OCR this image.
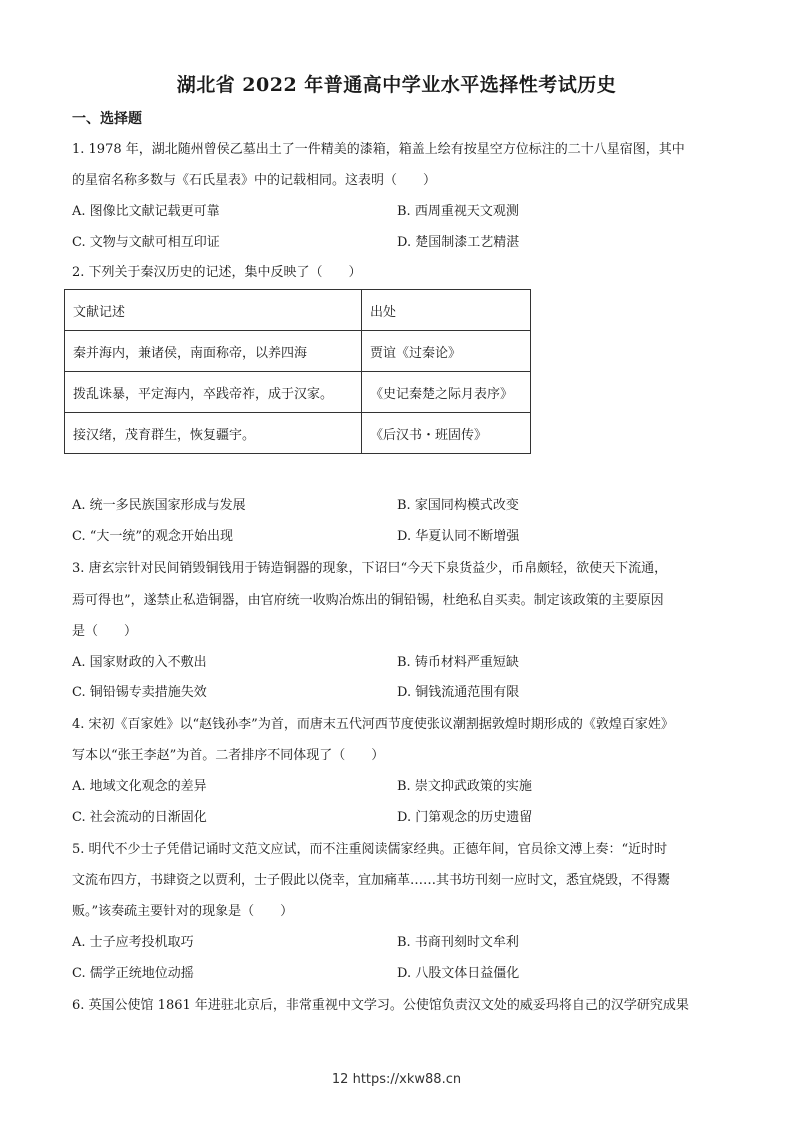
湖北省 2022 年普通高中学业水平选择性考试历史
一、选择题
1. 1978 年，湖北随州曾侯乙墓出土了一件精美的漆箱，箱盖上绘有按星空方位标注的二十八星宿图，其中
的星宿名称多数与《石氏星表》中的记载相同。这表明（　　）
A. 图像比文献记载更可靠	B. 西周重视天文观测
C. 文物与文献可相互印证	D. 楚国制漆工艺精湛
2. 下列关于秦汉历史的记述，集中反映了（　　）
文献记述	出处
秦并海内，兼诸侯，南面称帝，以养四海	贾谊《过秦论》
拨乱诛暴，平定海内，卒践帝祚，成于汉家。	《史记秦楚之际月表序》
接汉绪，茂育群生，恢复疆宇。	《后汉书・班固传》
A. 统一多民族国家形成与发展	B. 家国同构模式改变
C. “大一统”的观念开始出现	D. 华夏认同不断增强
3. 唐玄宗针对民间销毁铜钱用于铸造铜器的现象，下诏曰“今天下泉货益少，币帛颇轻，欲使天下流通，
焉可得也”，遂禁止私造铜器，由官府统一收购冶炼出的铜铅锡，杜绝私自买卖。制定该政策的主要原因
是（　　）
A. 国家财政的入不敷出	B. 铸币材料严重短缺
C. 铜铅锡专卖措施失效	D. 铜钱流通范围有限
4. 宋初《百家姓》以“赵钱孙李”为首，而唐末五代河西节度使张议潮割据敦煌时期形成的《敦煌百家姓》
写本以“张王李赵”为首。二者排序不同体现了（　　）
A. 地域文化观念的差异	B. 崇文抑武政策的实施
C. 社会流动的日渐固化	D. 门第观念的历史遗留
5. 明代不少士子凭借记诵时文范文应试，而不注重阅读儒家经典。正德年间，官员徐文溥上奏：“近时时
文流布四方，书肆资之以贾利，士子假此以侥幸，宜加痛革……其书坊刊刻一应时文，悉宜烧毁，不得鬻
贩。”该奏疏主要针对的现象是（　　）
A. 士子应考投机取巧	B. 书商刊刻时文牟利
C. 儒学正统地位动摇	D. 八股文体日益僵化
6. 英国公使馆 1861 年进驻北京后，非常重视中文学习。公使馆负责汉文处的威妥玛将自己的汉学研究成果
12 https://xkw88.cn
